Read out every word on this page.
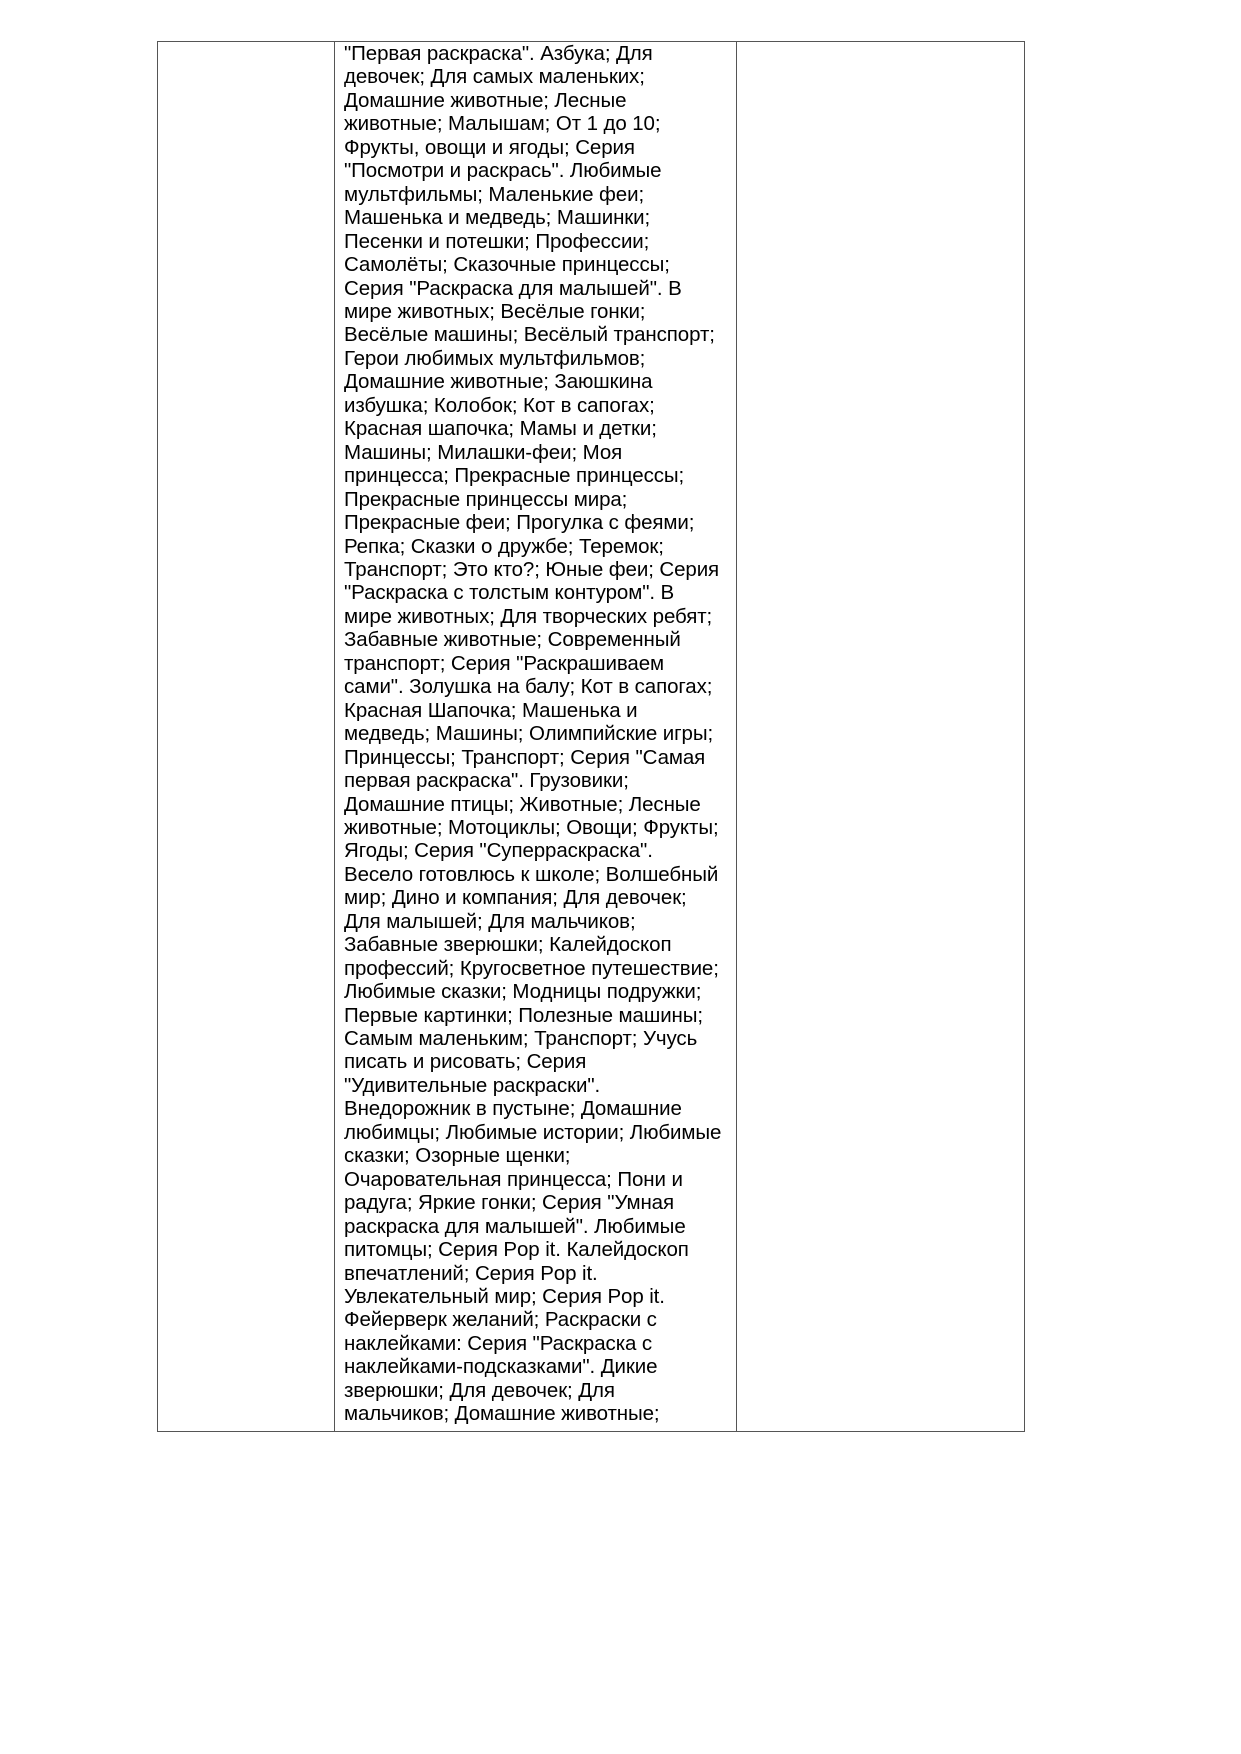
"Первая раскраска". Азбука; Для
девочек; Для самых маленьких;
Домашние животные; Лесные
животные; Малышам; От 1 до 10;
Фрукты, овощи и ягоды; Серия
"Посмотри и раскрась". Любимые
мультфильмы; Маленькие феи;
Машенька и медведь; Машинки;
Песенки и потешки; Профессии;
Самолёты; Сказочные принцессы;
Серия "Раскраска для малышей". В
мире животных; Весёлые гонки;
Весёлые машины; Весёлый транспорт;
Герои любимых мультфильмов;
Домашние животные; Заюшкина
избушка; Колобок; Кот в сапогах;
Красная шапочка; Мамы и детки;
Машины; Милашки-феи; Моя
принцесса; Прекрасные принцессы;
Прекрасные принцессы мира;
Прекрасные феи; Прогулка с феями;
Репка; Сказки о дружбе; Теремок;
Транспорт; Это кто?; Юные феи; Серия
"Раскраска с толстым контуром". В
мире животных; Для творческих ребят;
Забавные животные; Современный
транспорт; Серия "Раскрашиваем
сами". Золушка на балу; Кот в сапогах;
Красная Шапочка; Машенька и
медведь; Машины; Олимпийские игры;
Принцессы; Транспорт; Серия "Самая
первая раскраска". Грузовики;
Домашние птицы; Животные; Лесные
животные; Мотоциклы; Овощи; Фрукты;
Ягоды; Серия "Суперраскраска".
Весело готовлюсь к школе; Волшебный
мир; Дино и компания; Для девочек;
Для малышей; Для мальчиков;
Забавные зверюшки; Калейдоскоп
профессий; Кругосветное путешествие;
Любимые сказки; Модницы подружки;
Первые картинки; Полезные машины;
Самым маленьким; Транспорт; Учусь
писать и рисовать; Серия
"Удивительные раскраски".
Внедорожник в пустыне; Домашние
любимцы; Любимые истории; Любимые
сказки; Озорные щенки;
Очаровательная принцесса; Пони и
радуга; Яркие гонки; Серия "Умная
раскраска для малышей". Любимые
питомцы; Серия Pop it. Калейдоскоп
впечатлений; Серия Pop it.
Увлекательный мир; Серия Pop it.
Фейерверк желаний; Раскраски с
наклейками: Серия "Раскраска с
наклейками-подсказками". Дикие
зверюшки; Для девочек; Для
мальчиков; Домашние животные;
